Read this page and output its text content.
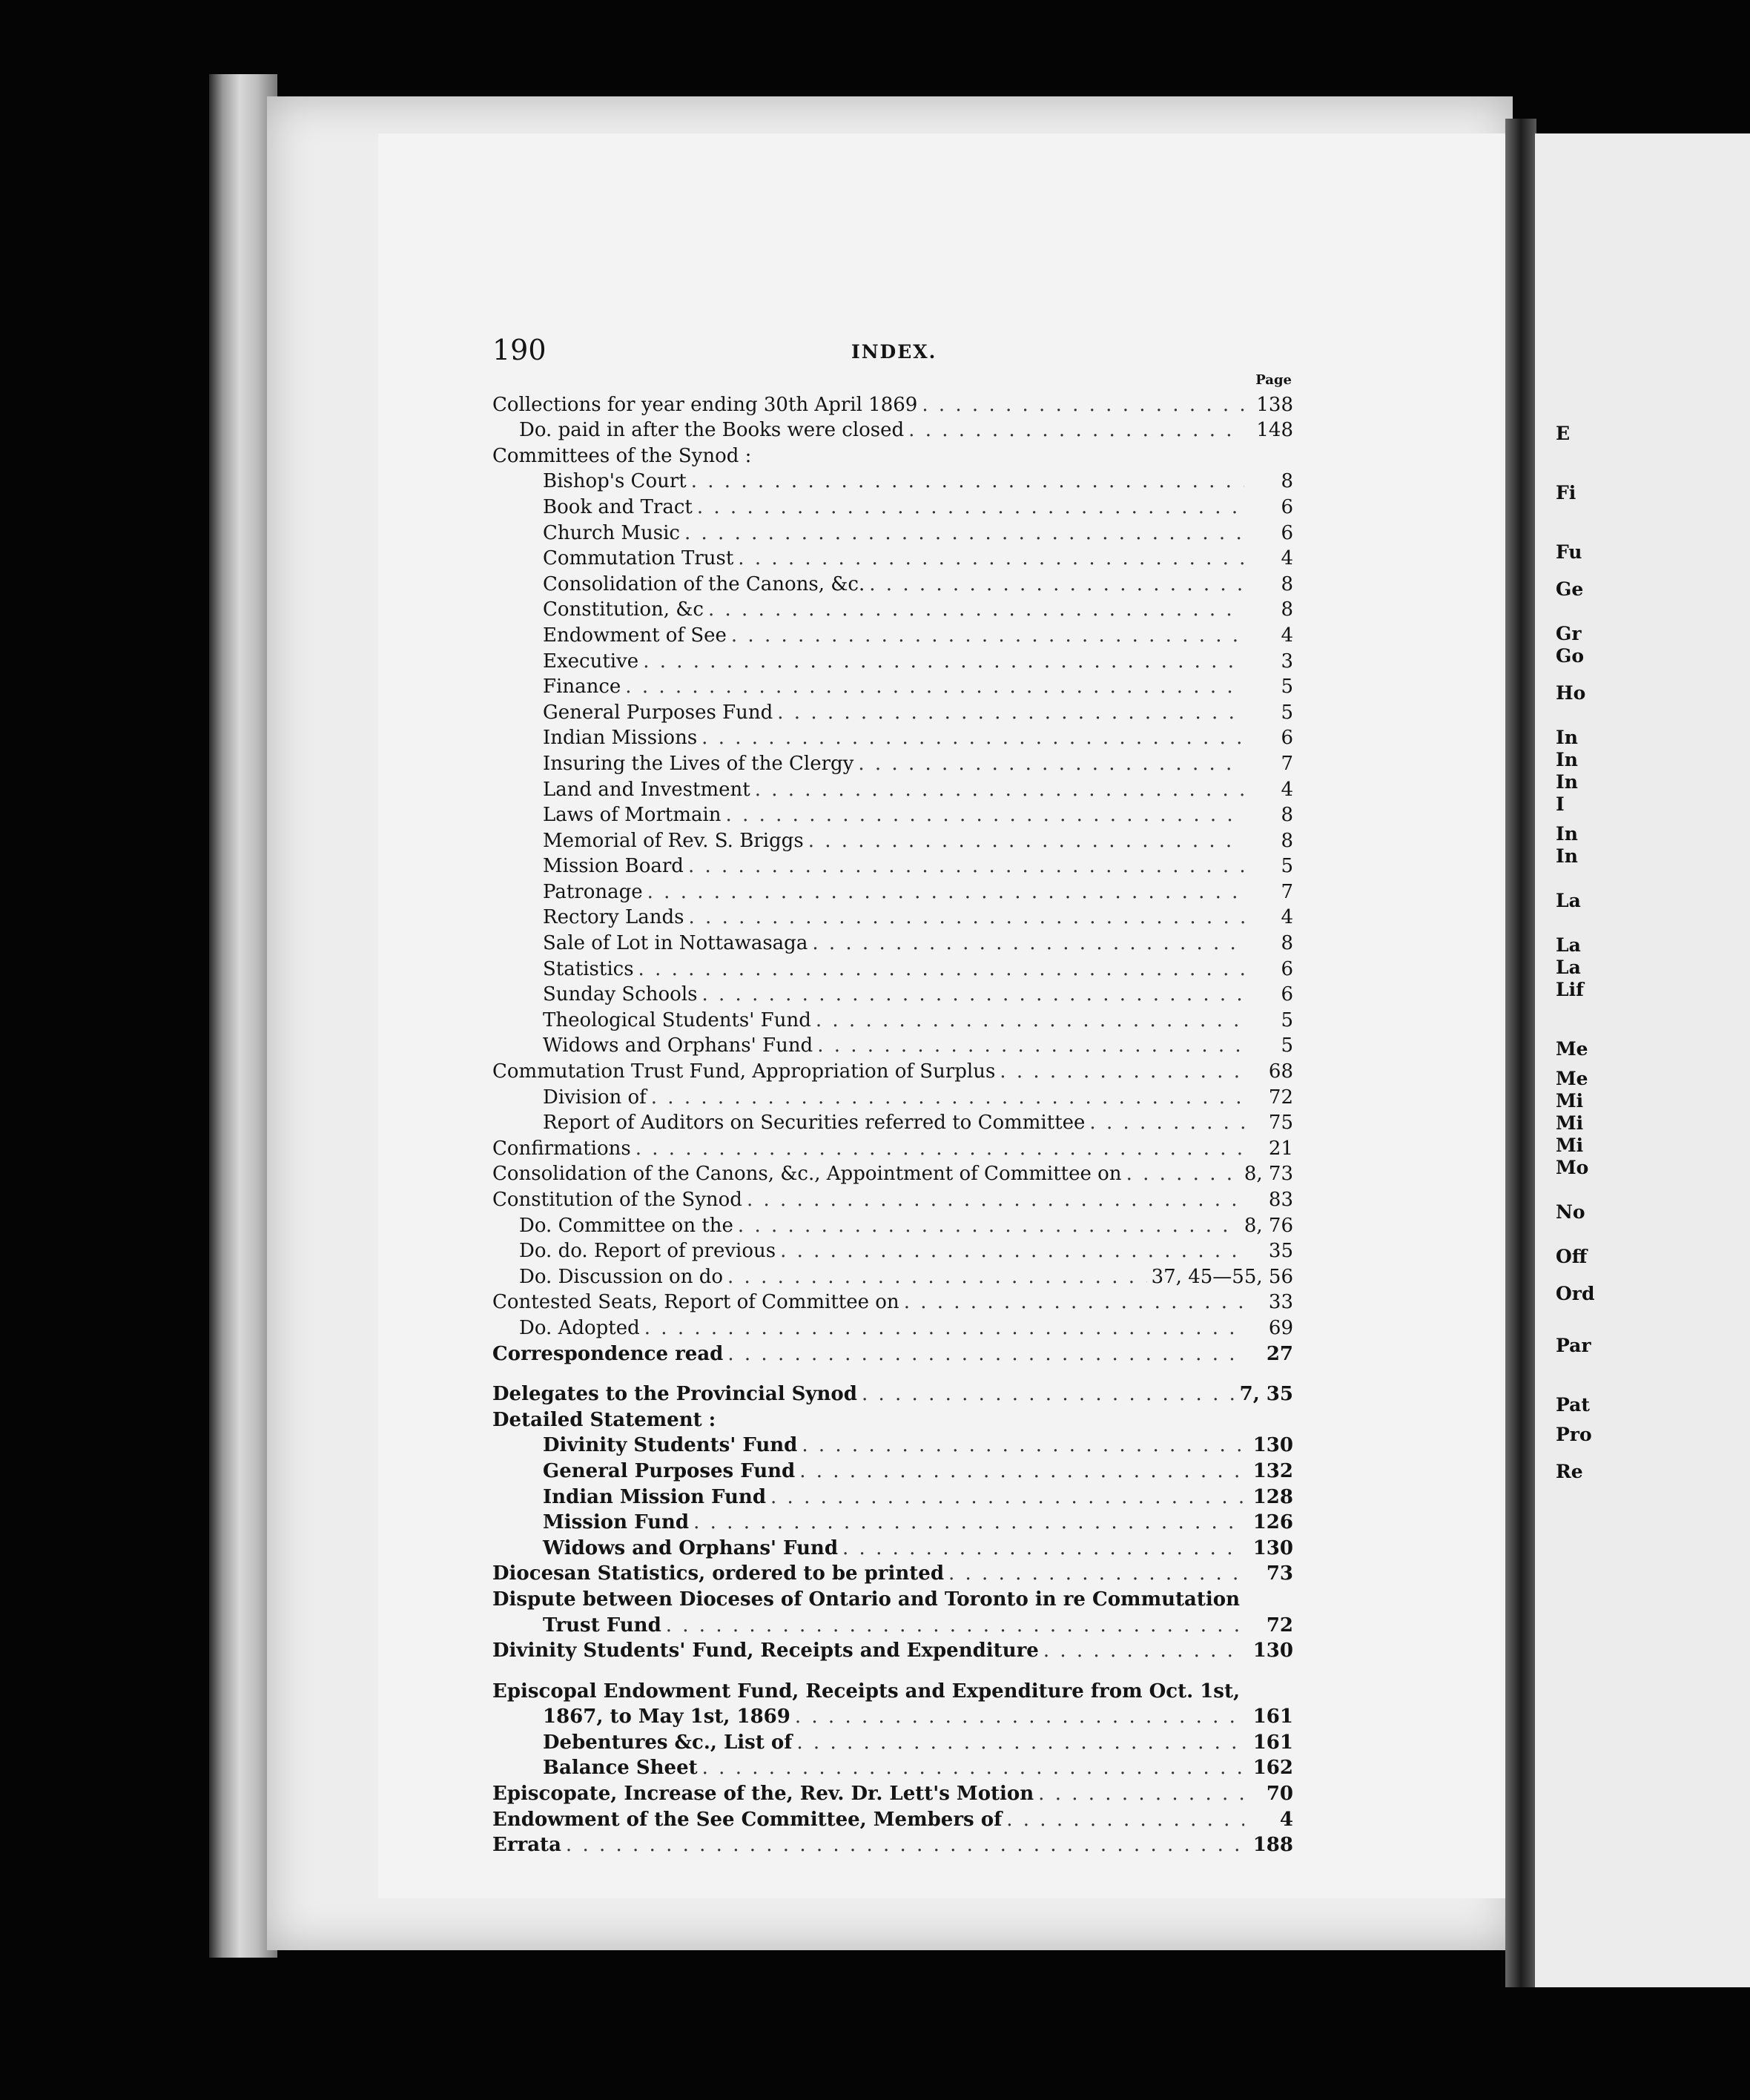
E
Fi
Fu
Ge
Gr
Go
Ho
In
In
In
I
In
In
La
La
La
Lif
Me
Me
Mi
Mi
Mi
Mo
No
Off
Ord
Par
Pat
Pro
Re
190	INDEX.
Page
Collections for year ending 30th April 1869 . . .	138
Do. paid in after the Books were closed . . .	148
Committees of the Synod :
Bishop's Court . . .	8
Book and Tract . . .	6
Church Music . . .	6
Commutation Trust . . .	4
Consolidation of the Canons, &c. . . .	8
Constitution, &c . . .	8
Endowment of See . . .	4
Executive . . .	3
Finance . . .	5
General Purposes Fund . . .	5
Indian Missions . . .	6
Insuring the Lives of the Clergy . . .	7
Land and Investment . . .	4
Laws of Mortmain . . .	8
Memorial of Rev. S. Briggs . . .	8
Mission Board . . .	5
Patronage . . .	7
Rectory Lands . . .	4
Sale of Lot in Nottawasaga . . .	8
Statistics . . .	6
Sunday Schools . . .	6
Theological Students' Fund . . .	5
Widows and Orphans' Fund . . .	5
Commutation Trust Fund, Appropriation of Surplus . . .	68
Division of . . .	72
Report of Auditors on Securities referred to Committee . . .	75
Confirmations . . .	21
Consolidation of the Canons, &c., Appointment of Committee on . . .	8, 73
Constitution of the Synod . . .	83
Do. Committee on the . . .	8, 76
Do. do. Report of previous . . .	35
Do. Discussion on do . . .	37, 45—55, 56
Contested Seats, Report of Committee on . . .	33
Do. Adopted . . .	69
Correspondence read . . .	27
Delegates to the Provincial Synod . . .	7, 35
Detailed Statement :
Divinity Students' Fund . . .	130
General Purposes Fund . . .	132
Indian Mission Fund . . .	128
Mission Fund . . .	126
Widows and Orphans' Fund . . .	130
Diocesan Statistics, ordered to be printed . . .	73
Dispute between Dioceses of Ontario and Toronto in re Commutation
Trust Fund . . .	72
Divinity Students' Fund, Receipts and Expenditure . . .	130
Episcopal Endowment Fund, Receipts and Expenditure from Oct. 1st,
1867, to May 1st, 1869 . . .	161
Debentures &c., List of . . .	161
Balance Sheet . . .	162
Episcopate, Increase of the, Rev. Dr. Lett's Motion . . .	70
Endowment of the See Committee, Members of . . .	4
Errata . . .	188
